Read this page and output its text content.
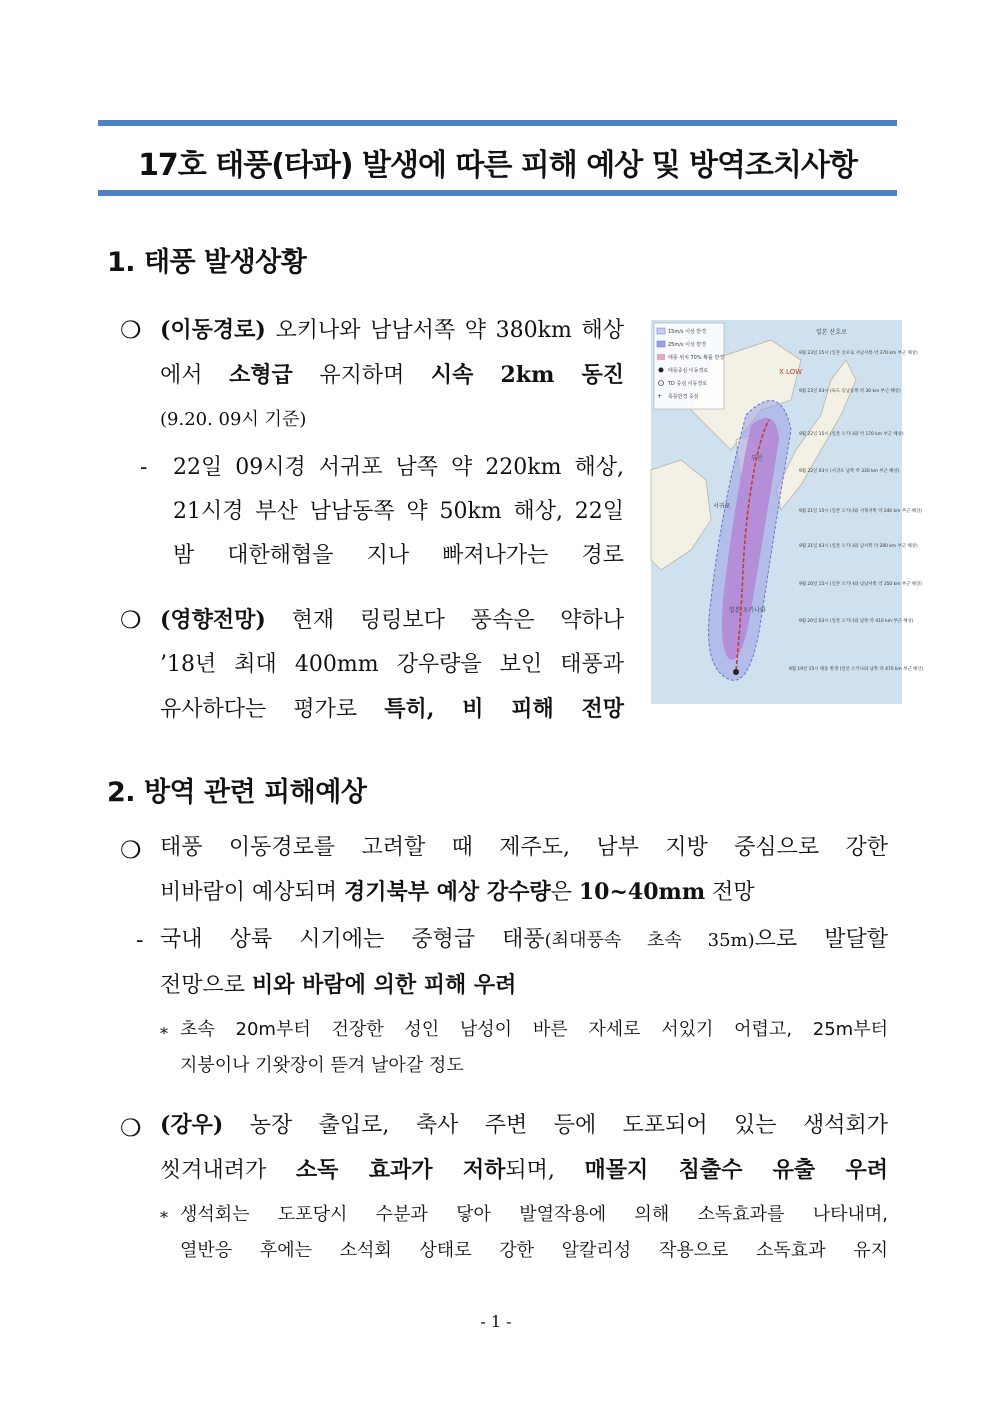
17호 태풍(타파) 발생에 따른 피해 예상 및 방역조치사항
1. 태풍 발생상황
❍ (이동경로) 오키나와 남남서쪽 약 380km 해상
에서 소형급 유지하며 시속 2km 동진
(9.20. 09시 기준)
- 22일 09시경 서귀포 남쪽 약 220km 해상,
21시경 부산 남남동쪽 약 50km 해상, 22일
밤 대한해협을 지나 빠져나가는 경로
❍ (영향전망) 현재 링링보다 풍속은 약하나
’18년 최대 400mm 강우량을 보인 태풍과
유사하다는 평가로 특히, 비 피해 전망
15m/s 이상 반경
25m/s 이상 반경
태풍 위치 70% 확률 반경
태풍중심 이동경로
TD 중심 이동경로
+ 폭풍반경 중심
일본 산호로
X LOW
서귀포
부산
일본 오키나와
9월 23일 15시 (일본 삿포로 서남서쪽 약 370 km 부근 해상)
9월 23일 03시 (독도 동남동쪽 약 30 km 부근 해상)
9월 22일 15시 (일본 오키나와 약 170 km 부근 해상)
9월 22일 03시 (서귀포 남쪽 약 330 km 부근 해상)
9월 21일 15시 (일본 오키나와 서북서쪽 약 240 km 부근 해상)
9월 21일 03시 (일본 오키나와 남서쪽 약 280 km 부근 해상)
9월 20일 15시 (일본 오키나와 남남서쪽 약 350 km 부근 해상)
9월 20일 03시 (일본 오키나와 남쪽 약 410 km 부근 해상)
9월 19일 15시 태풍 발생 (일본 오키나와 남쪽 약 470 km 부근 해상)
2. 방역 관련 피해예상
❍ 태풍 이동경로를 고려할 때 제주도, 남부 지방 중심으로 강한
비바람이 예상되며 경기북부 예상 강수량은 10~40mm 전망
- 국내 상륙 시기에는 중형급 태풍(최대풍속 초속 35m)으로 발달할
전망으로 비와 바람에 의한 피해 우려
* 초속 20m부터 건장한 성인 남성이 바른 자세로 서있기 어렵고, 25m부터
지붕이나 기왓장이 뜯겨 날아갈 정도
❍ (강우) 농장 출입로, 축사 주변 등에 도포되어 있는 생석회가
씻겨내려가 소독 효과가 저하되며, 매몰지 침출수 유출 우려
* 생석회는 도포당시 수분과 닿아 발열작용에 의해 소독효과를 나타내며,
열반응 후에는 소석회 상태로 강한 알칼리성 작용으로 소독효과 유지
- 1 -
